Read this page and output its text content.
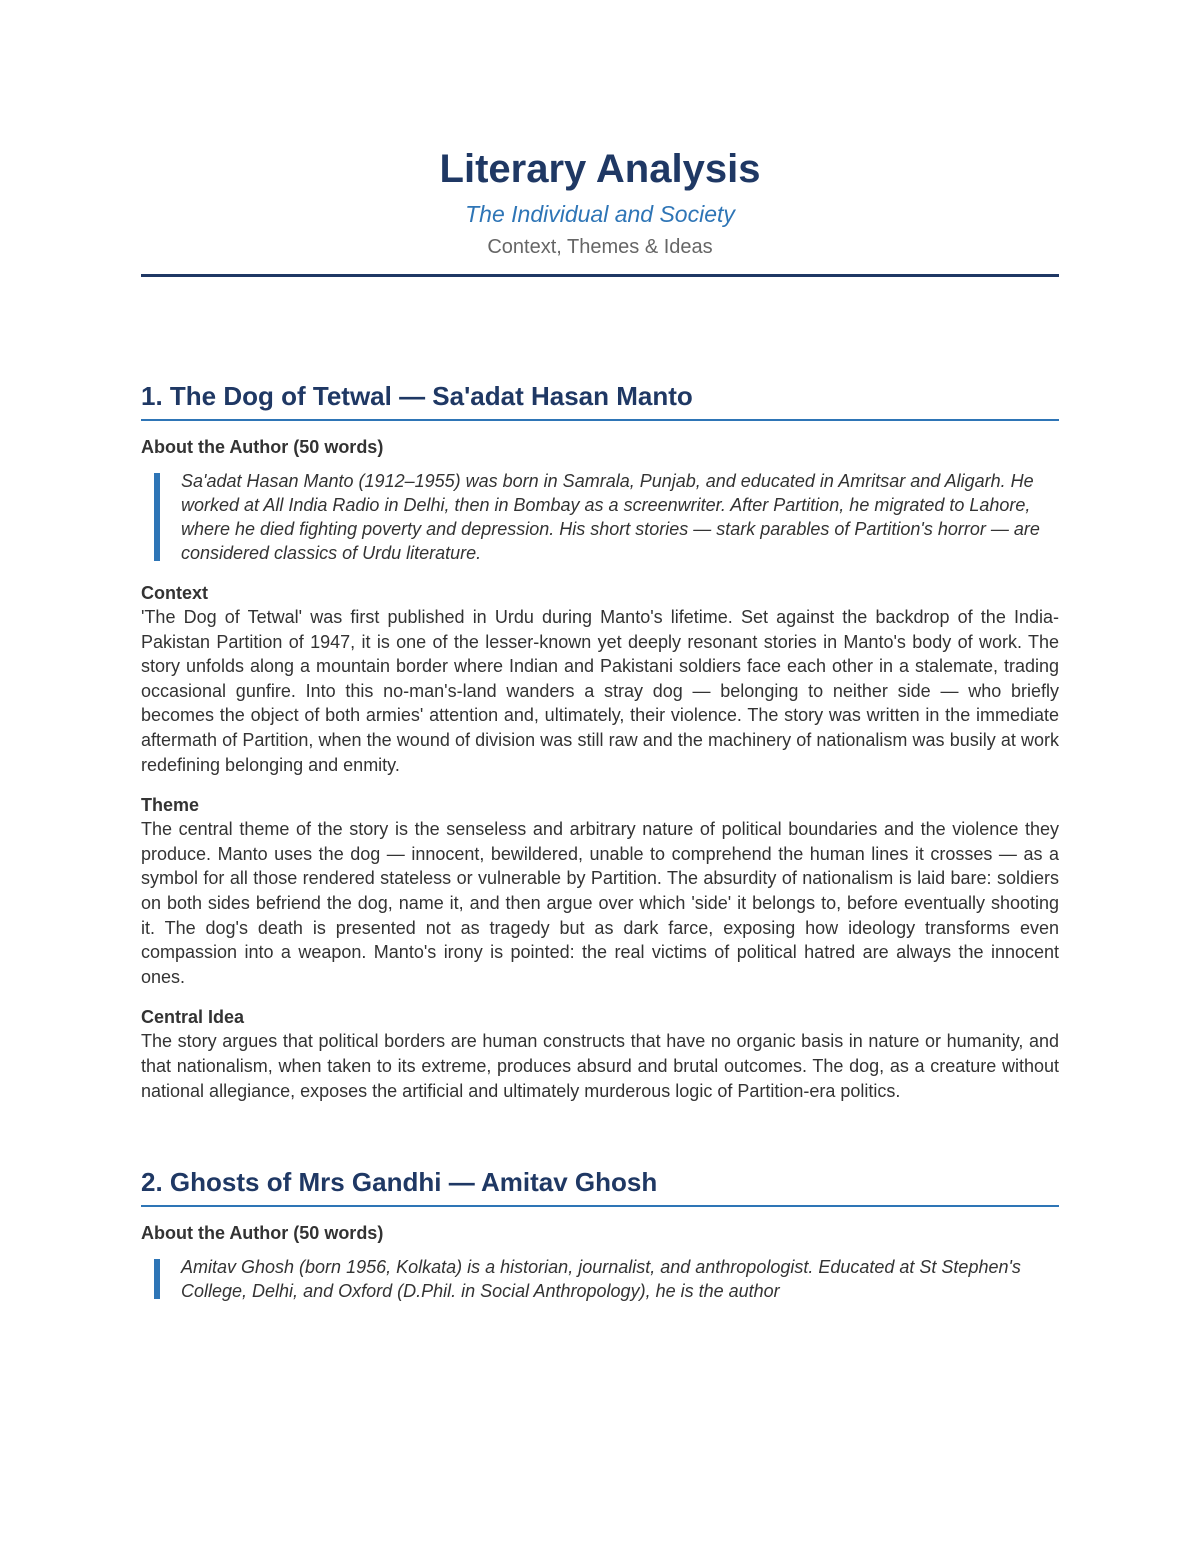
Literary Analysis
The Individual and Society
Context, Themes & Ideas
1. The Dog of Tetwal — Sa'adat Hasan Manto
About the Author (50 words)
Sa'adat Hasan Manto (1912–1955) was born in Samrala, Punjab, and educated in Amritsar and Aligarh. He worked at All India Radio in Delhi, then in Bombay as a screenwriter. After Partition, he migrated to Lahore, where he died fighting poverty and depression. His short stories — stark parables of Partition's horror — are considered classics of Urdu literature.
Context

'The Dog of Tetwal' was first published in Urdu during Manto's lifetime. Set against the backdrop of the India-Pakistan Partition of 1947, it is one of the lesser-known yet deeply resonant stories in Manto's body of work. The story unfolds along a mountain border where Indian and Pakistani soldiers face each other in a stalemate, trading occasional gunfire. Into this no-man's-land wanders a stray dog — belonging to neither side — who briefly becomes the object of both armies' attention and, ultimately, their violence. The story was written in the immediate aftermath of Partition, when the wound of division was still raw and the machinery of nationalism was busily at work redefining belonging and enmity.

Theme

The central theme of the story is the senseless and arbitrary nature of political boundaries and the violence they produce. Manto uses the dog — innocent, bewildered, unable to comprehend the human lines it crosses — as a symbol for all those rendered stateless or vulnerable by Partition. The absurdity of nationalism is laid bare: soldiers on both sides befriend the dog, name it, and then argue over which 'side' it belongs to, before eventually shooting it. The dog's death is presented not as tragedy but as dark farce, exposing how ideology transforms even compassion into a weapon. Manto's irony is pointed: the real victims of political hatred are always the innocent ones.

Central Idea

The story argues that political borders are human constructs that have no organic basis in nature or humanity, and that nationalism, when taken to its extreme, produces absurd and brutal outcomes. The dog, as a creature without national allegiance, exposes the artificial and ultimately murderous logic of Partition-era politics.

2. Ghosts of Mrs Gandhi — Amitav Ghosh
About the Author (50 words)
Amitav Ghosh (born 1956, Kolkata) is a historian, journalist, and anthropologist. Educated at St Stephen's College, Delhi, and Oxford (D.Phil. in Social Anthropology), he is the author
